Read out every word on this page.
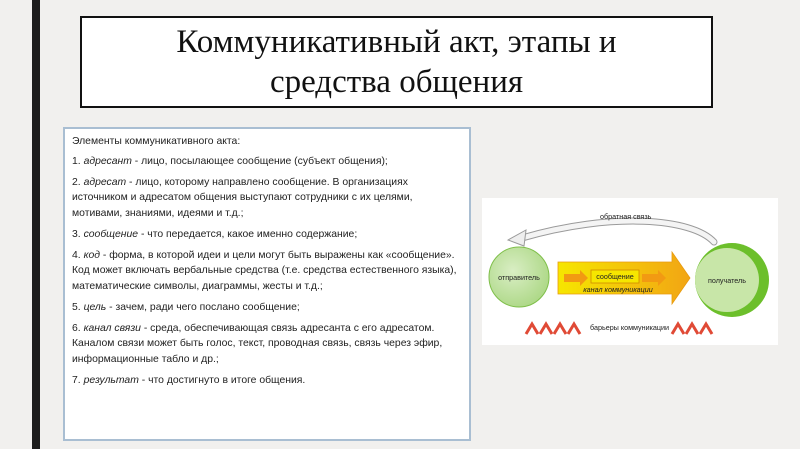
Коммуникативный акт, этапы и
средства общения

Элементы коммуникативного акта:

1. адресант - лицо, посылающее сообщение (субъект общения);

2. адресат - лицо, которому направлено сообщение. В организациях источником и адресатом общения выступают сотрудники с их целями, мотивами, знаниями, идеями и т.д.;

3. сообщение - что передается, какое именно содержание;

4. код - форма, в которой идеи и цели могут быть выражены как «сообщение». Код может включать вербальные средства (т.е. средства естественного языка), математические символы, диаграммы, жесты и т.д.;

5. цель - зачем, ради чего послано сообщение;

6. канал связи - среда, обеспечивающая связь адресанта с его адресатом. Каналом связи может быть голос, текст, проводная связь, связь через эфир, информационные табло и др.;

7. результат - что достигнуто в итоге общения.

обратная связь
отправитель	получатель
сообщение
канал коммуникации
барьеры коммуникации
